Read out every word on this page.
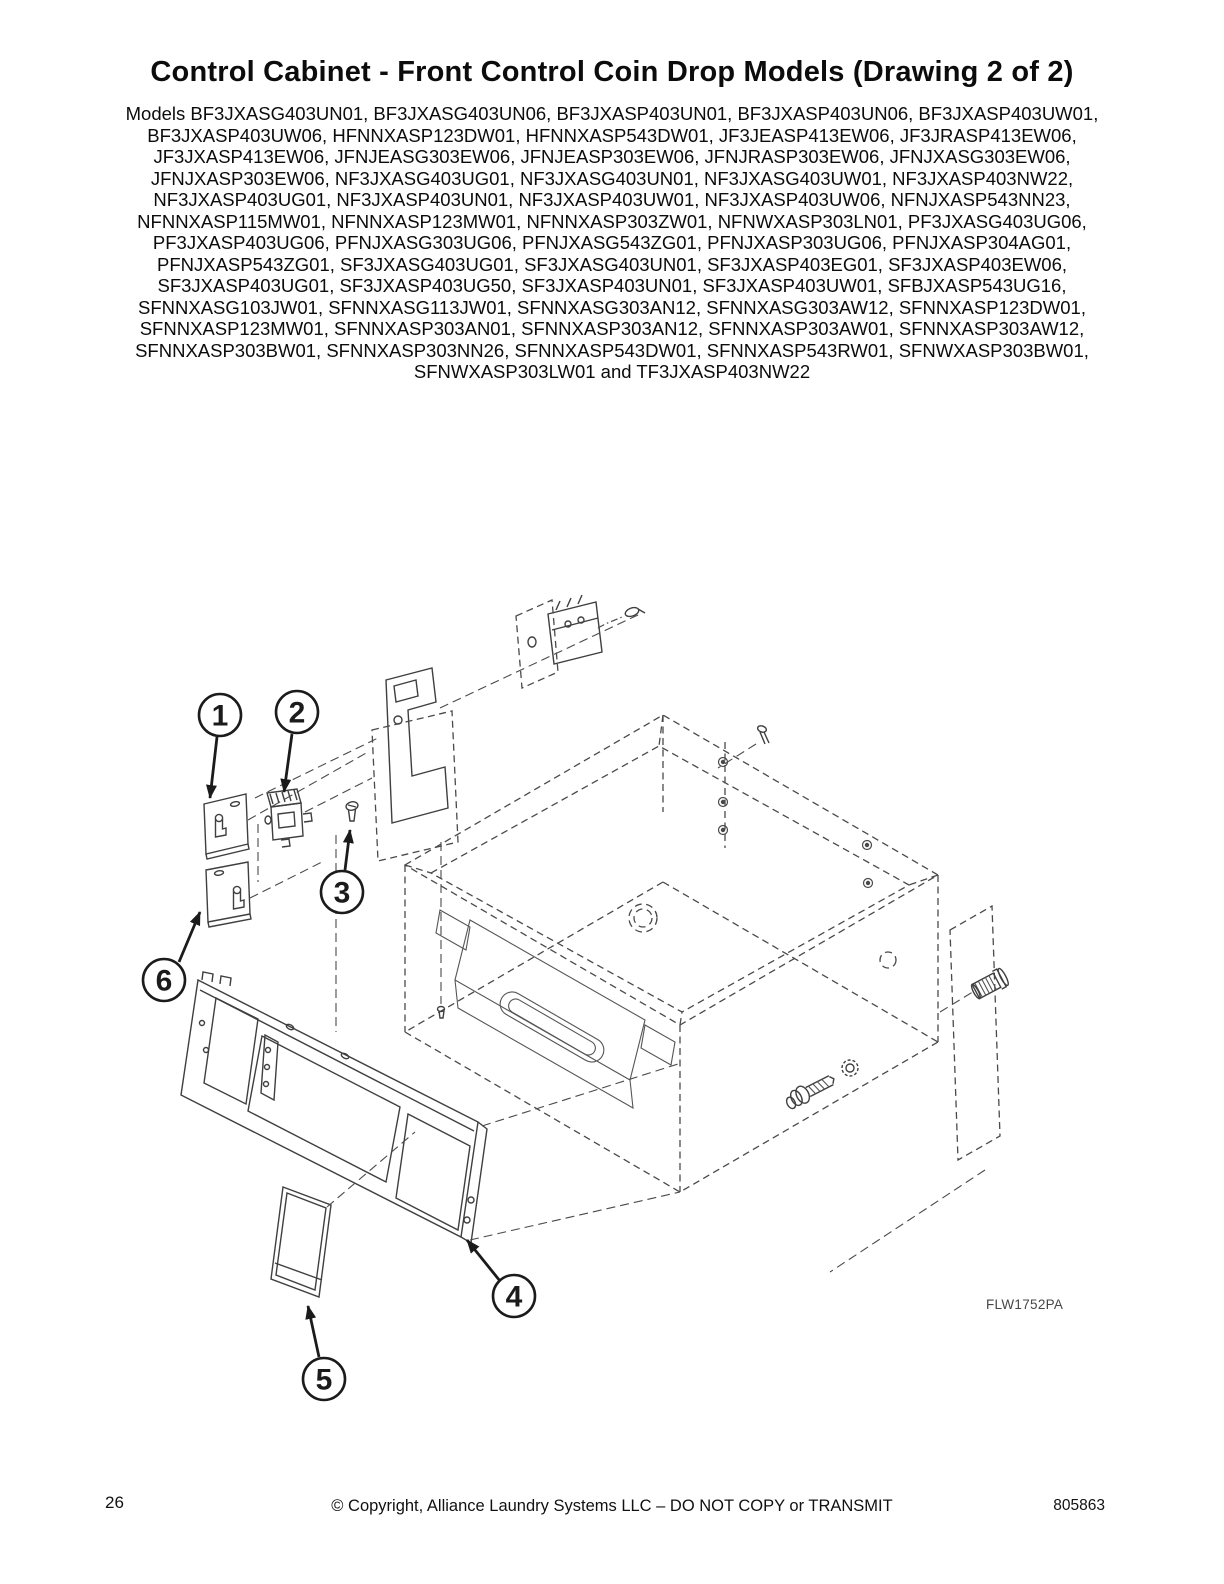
Control Cabinet - Front Control Coin Drop Models (Drawing 2 of 2)
Models BF3JXASG403UN01, BF3JXASG403UN06, BF3JXASP403UN01, BF3JXASP403UN06, BF3JXASP403UW01,
BF3JXASP403UW06, HFNNXASP123DW01, HFNNXASP543DW01, JF3JEASP413EW06, JF3JRASP413EW06,
JF3JXASP413EW06, JFNJEASG303EW06, JFNJEASP303EW06, JFNJRASP303EW06, JFNJXASG303EW06,
JFNJXASP303EW06, NF3JXASG403UG01, NF3JXASG403UN01, NF3JXASG403UW01, NF3JXASP403NW22,
NF3JXASP403UG01, NF3JXASP403UN01, NF3JXASP403UW01, NF3JXASP403UW06, NFNJXASP543NN23,
NFNNXASP115MW01, NFNNXASP123MW01, NFNNXASP303ZW01, NFNWXASP303LN01, PF3JXASG403UG06,
PF3JXASP403UG06, PFNJXASG303UG06, PFNJXASG543ZG01, PFNJXASP303UG06, PFNJXASP304AG01,
PFNJXASP543ZG01, SF3JXASG403UG01, SF3JXASG403UN01, SF3JXASP403EG01, SF3JXASP403EW06,
SF3JXASP403UG01, SF3JXASP403UG50, SF3JXASP403UN01, SF3JXASP403UW01, SFBJXASP543UG16,
SFNNXASG103JW01, SFNNXASG113JW01, SFNNXASG303AN12, SFNNXASG303AW12, SFNNXASP123DW01,
SFNNXASP123MW01, SFNNXASP303AN01, SFNNXASP303AN12, SFNNXASP303AW01, SFNNXASP303AW12,
SFNNXASP303BW01, SFNNXASP303NN26, SFNNXASP543DW01, SFNNXASP543RW01, SFNWXASP303BW01,
SFNWXASP303LW01 and TF3JXASP403NW22
1 2
3
4
5
6
FLW1752PA
26	© Copyright, Alliance Laundry Systems LLC – DO NOT COPY or TRANSMIT	805863
